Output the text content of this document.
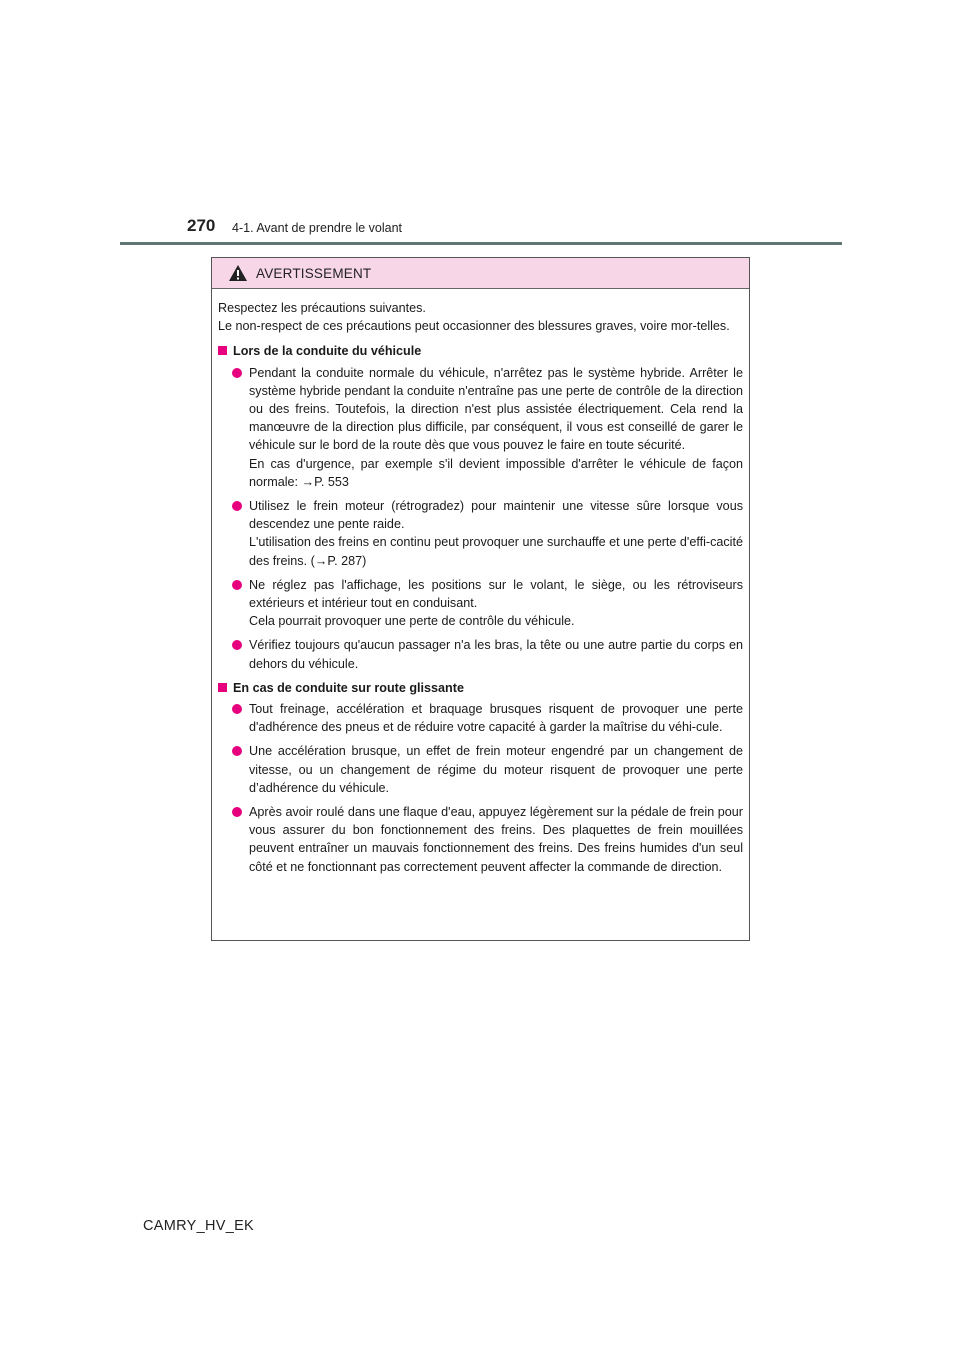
270 4-1. Avant de prendre le volant
AVERTISSEMENT
Respectez les précautions suivantes.
Le non-respect de ces précautions peut occasionner des blessures graves, voire mor-telles.
Lors de la conduite du véhicule
Pendant la conduite normale du véhicule, n'arrêtez pas le système hybride. Arrêter le système hybride pendant la conduite n'entraîne pas une perte de contrôle de la direction ou des freins. Toutefois, la direction n'est plus assistée électriquement. Cela rend la manœuvre de la direction plus difficile, par conséquent, il vous est conseillé de garer le véhicule sur le bord de la route dès que vous pouvez le faire en toute sécurité.
En cas d'urgence, par exemple s'il devient impossible d'arrêter le véhicule de façon normale: →P. 553
Utilisez le frein moteur (rétrogradez) pour maintenir une vitesse sûre lorsque vous descendez une pente raide.
L'utilisation des freins en continu peut provoquer une surchauffe et une perte d'effi-cacité des freins. (→P. 287)
Ne réglez pas l'affichage, les positions sur le volant, le siège, ou les rétroviseurs extérieurs et intérieur tout en conduisant.
Cela pourrait provoquer une perte de contrôle du véhicule.
Vérifiez toujours qu'aucun passager n'a les bras, la tête ou une autre partie du corps en dehors du véhicule.
En cas de conduite sur route glissante
Tout freinage, accélération et braquage brusques risquent de provoquer une perte d'adhérence des pneus et de réduire votre capacité à garder la maîtrise du véhi-cule.
Une accélération brusque, un effet de frein moteur engendré par un changement de vitesse, ou un changement de régime du moteur risquent de provoquer une perte d’adhérence du véhicule.
Après avoir roulé dans une flaque d'eau, appuyez légèrement sur la pédale de frein pour vous assurer du bon fonctionnement des freins. Des plaquettes de frein mouillées peuvent entraîner un mauvais fonctionnement des freins. Des freins humides d'un seul côté et ne fonctionnant pas correctement peuvent affecter la commande de direction.
CAMRY_HV_EK
